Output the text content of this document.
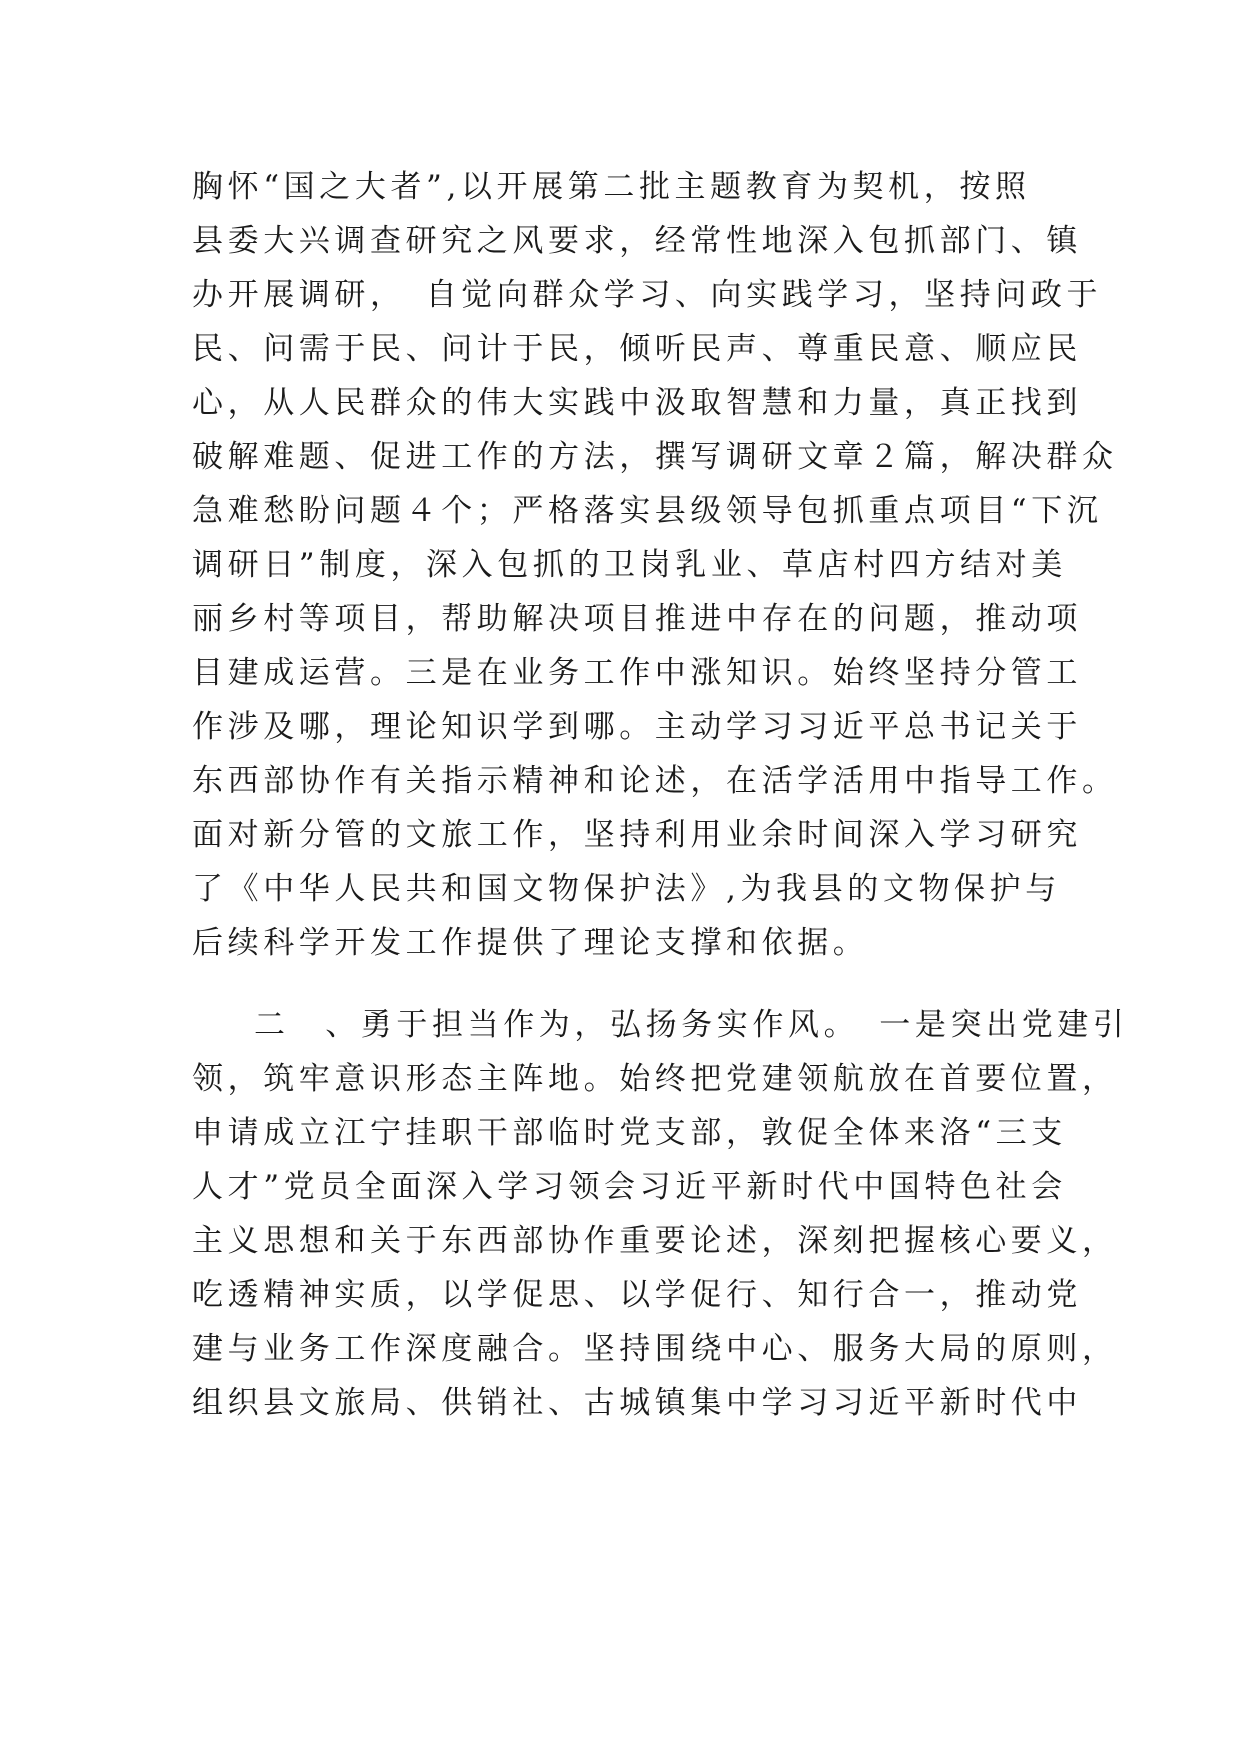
胸怀“国之大者”,以开展第二批主题教育为契机，按照
县委大兴调查研究之风要求，经常性地深入包抓部门、镇
办开展调研，　自觉向群众学习、向实践学习，坚持问政于
民、问需于民、问计于民，倾听民声、尊重民意、顺应民
心，从人民群众的伟大实践中汲取智慧和力量，真正找到
破解难题、促进工作的方法，撰写调研文章２篇，解决群众
急难愁盼问题４个；严格落实县级领导包抓重点项目“下沉
调研日”制度，深入包抓的卫岗乳业、草店村四方结对美
丽乡村等项目，帮助解决项目推进中存在的问题，推动项
目建成运营。三是在业务工作中涨知识。始终坚持分管工
作涉及哪，理论知识学到哪。主动学习习近平总书记关于
东西部协作有关指示精神和论述，在活学活用中指导工作。
面对新分管的文旅工作，坚持利用业余时间深入学习研究
了《中华人民共和国文物保护法》,为我县的文物保护与
后续科学开发工作提供了理论支撑和依据。
二　、勇于担当作为，弘扬务实作风。　一是突出党建引
领，筑牢意识形态主阵地。始终把党建领航放在首要位置，
申请成立江宁挂职干部临时党支部，敦促全体来洛“三支
人才”党员全面深入学习领会习近平新时代中国特色社会
主义思想和关于东西部协作重要论述，深刻把握核心要义，
吃透精神实质，以学促思、以学促行、知行合一，推动党
建与业务工作深度融合。坚持围绕中心、服务大局的原则，
组织县文旅局、供销社、古城镇集中学习习近平新时代中
